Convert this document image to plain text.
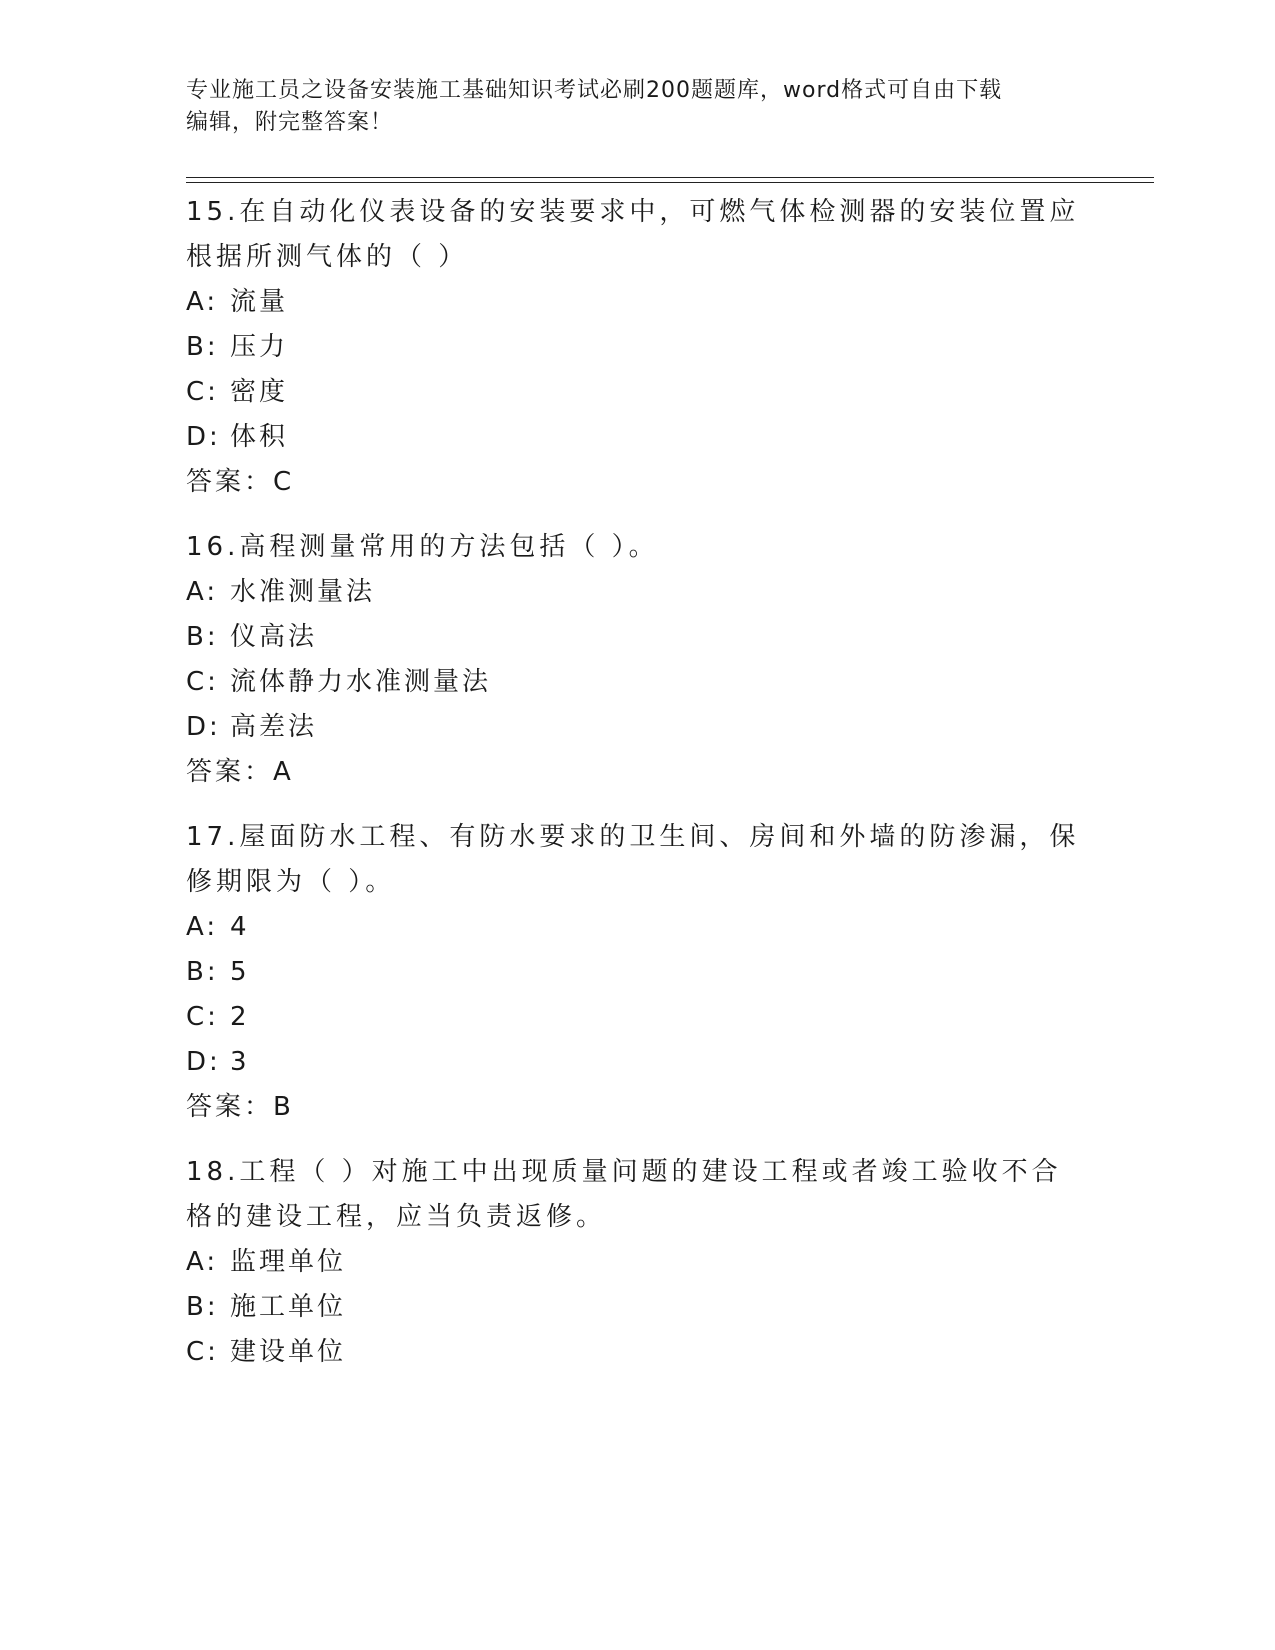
专业施工员之设备安装施工基础知识考试必刷200题题库，word格式可自由下载
编辑，附完整答案！

15.在自动化仪表设备的安装要求中，可燃气体检测器的安装位置应根据所测气体的（ ）

A: 流量

B: 压力

C: 密度

D: 体积

答案：C

16.高程测量常用的方法包括（ ）。

A: 水准测量法

B: 仪高法

C: 流体静力水准测量法

D: 高差法

答案：A

17.屋面防水工程、有防水要求的卫生间、房间和外墙的防渗漏，保修期限为（ ）。

A: 4

B: 5

C: 2

D: 3

答案：B

18.工程（ ）对施工中出现质量问题的建设工程或者竣工验收不合格的建设工程，应当负责返修。

A: 监理单位

B: 施工单位

C: 建设单位
